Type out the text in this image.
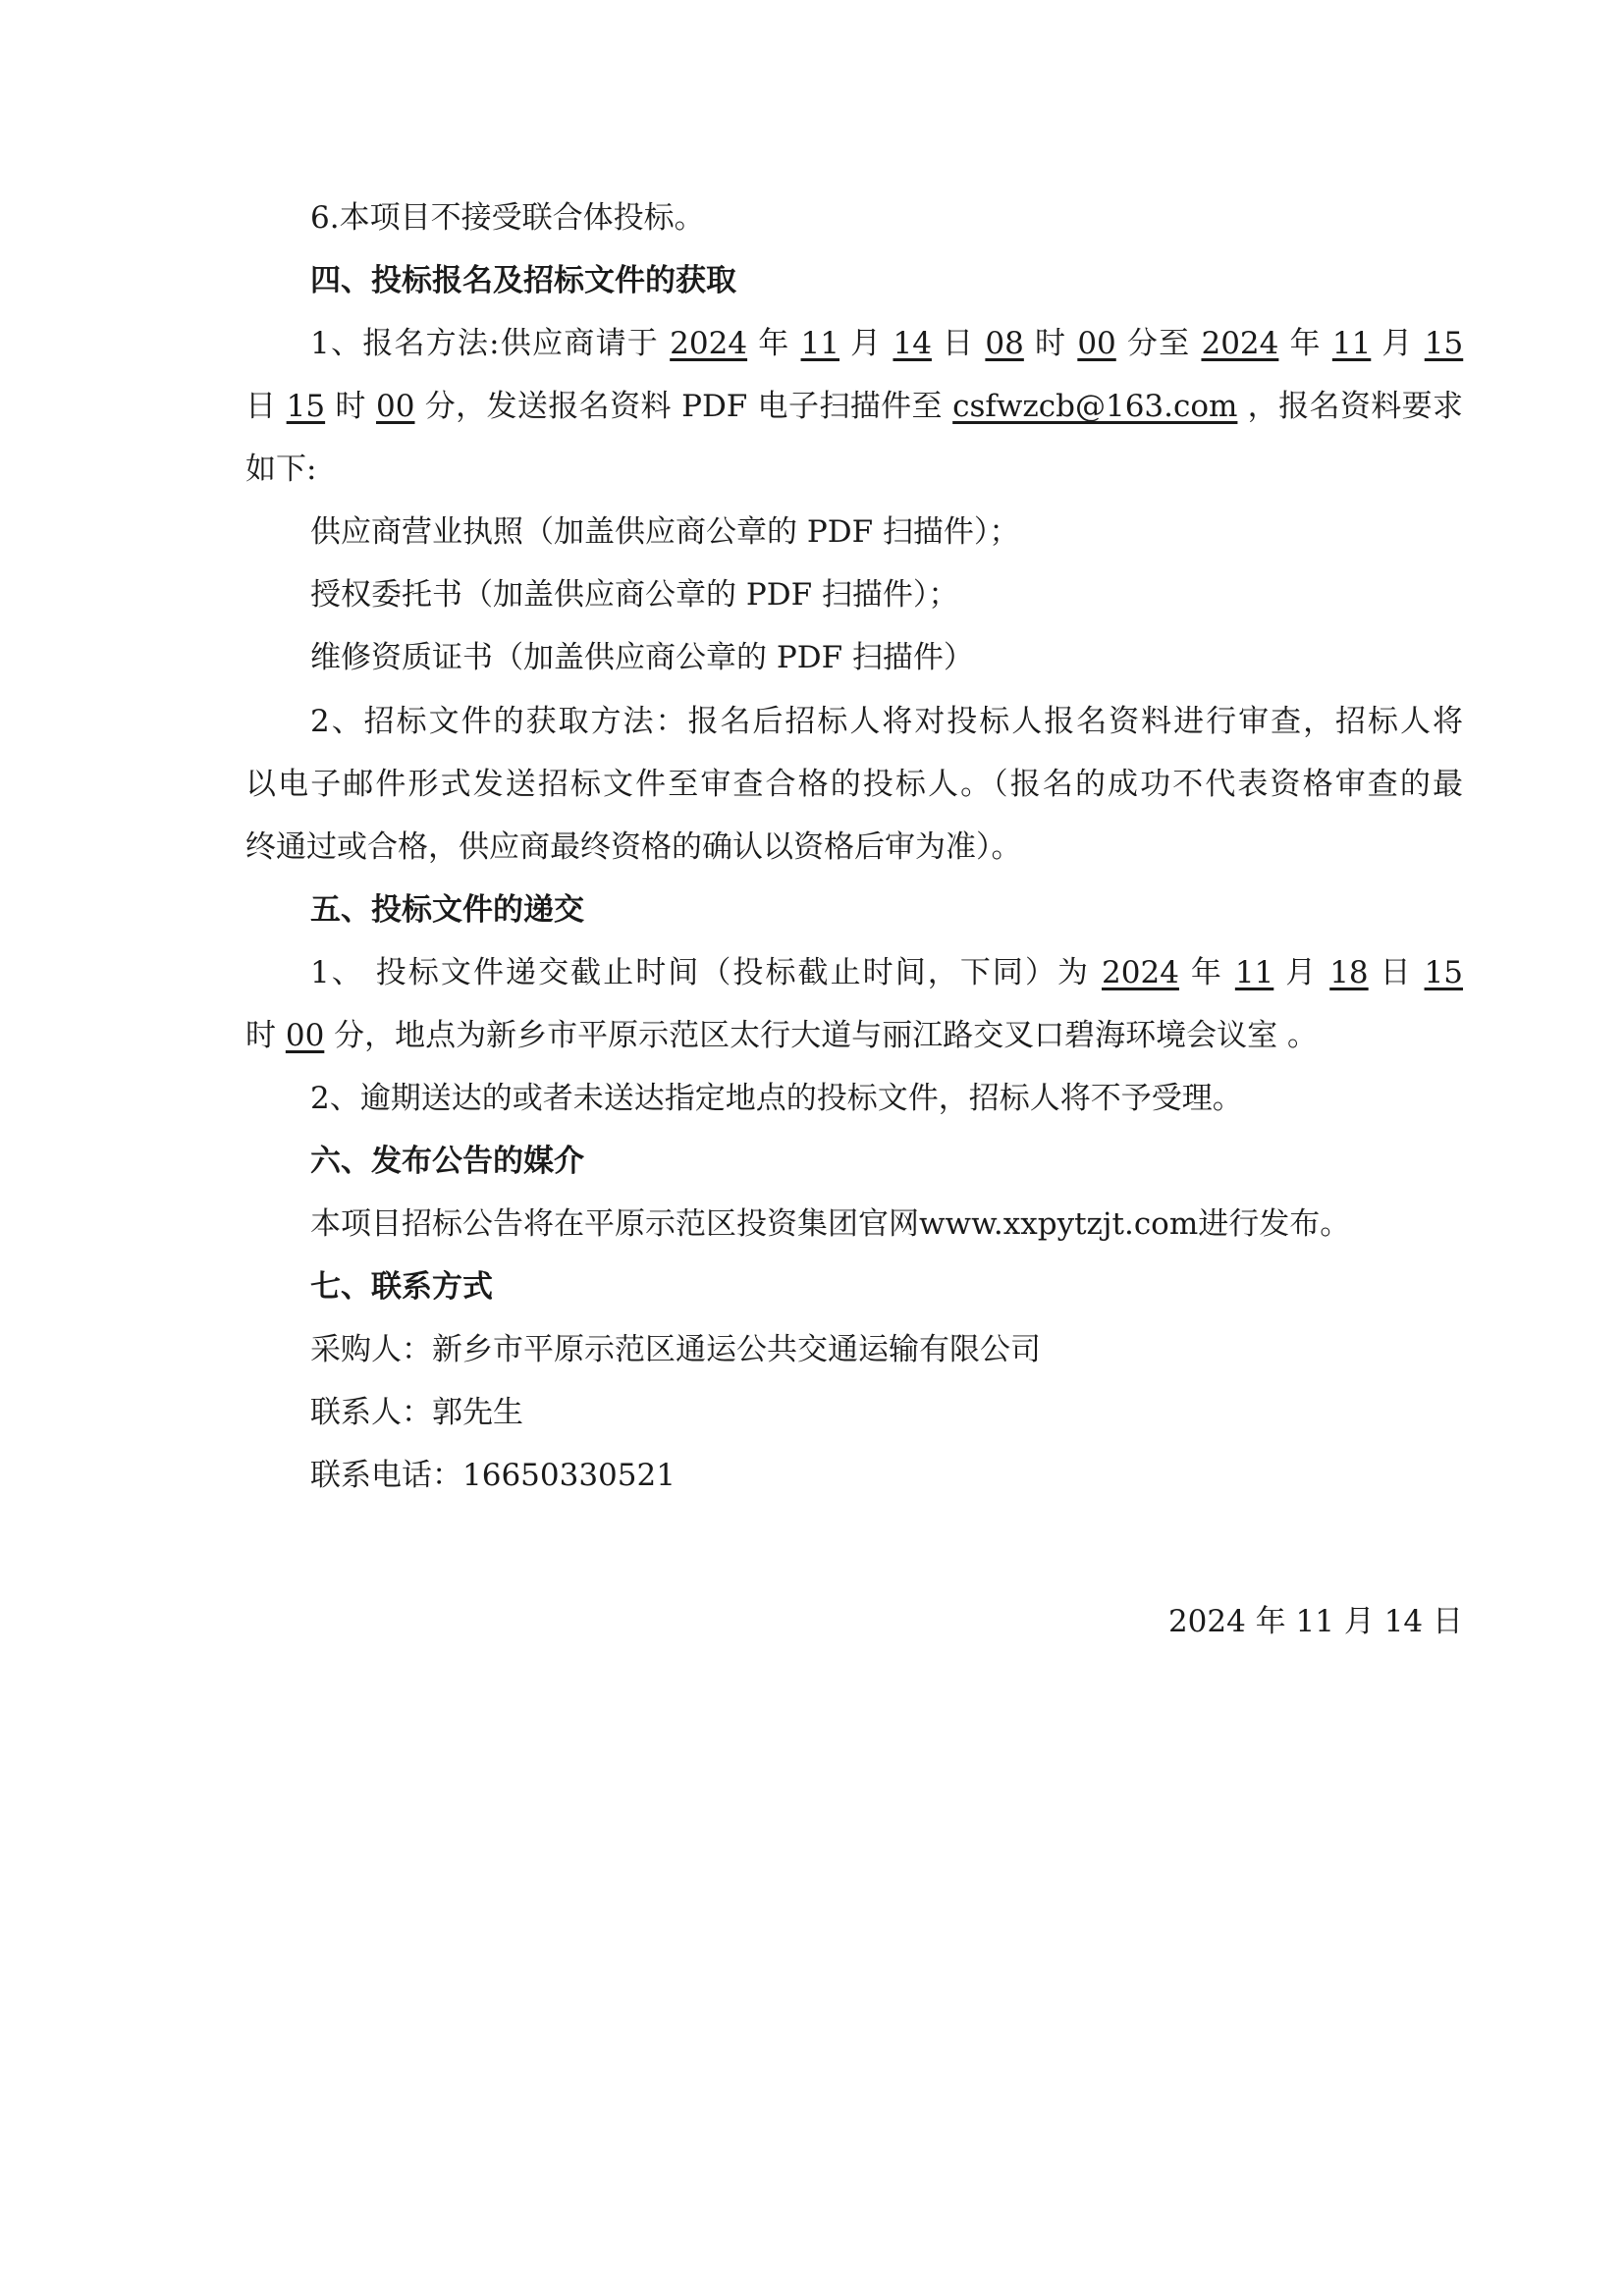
6.本项目不接受联合体投标。
四、投标报名及招标文件的获取
1、报名方法:供应商请于 2024 年 11 月 14 日 08 时 00 分至 2024 年 11 月 15
日 15 时 00 分，发送报名资料 PDF 电子扫描件至 csfwzcb@163.com ，报名资料要求
如下:
供应商营业执照（加盖供应商公章的 PDF 扫描件）；
授权委托书（加盖供应商公章的 PDF 扫描件）；
维修资质证书（加盖供应商公章的 PDF 扫描件）
2、招标文件的获取方法：报名后招标人将对投标人报名资料进行审查，招标人将
以电子邮件形式发送招标文件至审查合格的投标人。（报名的成功不代表资格审查的最
终通过或合格，供应商最终资格的确认以资格后审为准）。
五、投标文件的递交
1、 投标文件递交截止时间（投标截止时间，下同）为 2024 年 11 月 18 日 15
时 00 分，地点为新乡市平原示范区太行大道与丽江路交叉口碧海环境会议室 。
2、逾期送达的或者未送达指定地点的投标文件，招标人将不予受理。
六、发布公告的媒介
本项目招标公告将在平原示范区投资集团官网www.xxpytzjt.com进行发布。
七、联系方式
采购人：新乡市平原示范区通运公共交通运输有限公司
联系人：郭先生
联系电话：16650330521
2024 年 11 月 14 日
